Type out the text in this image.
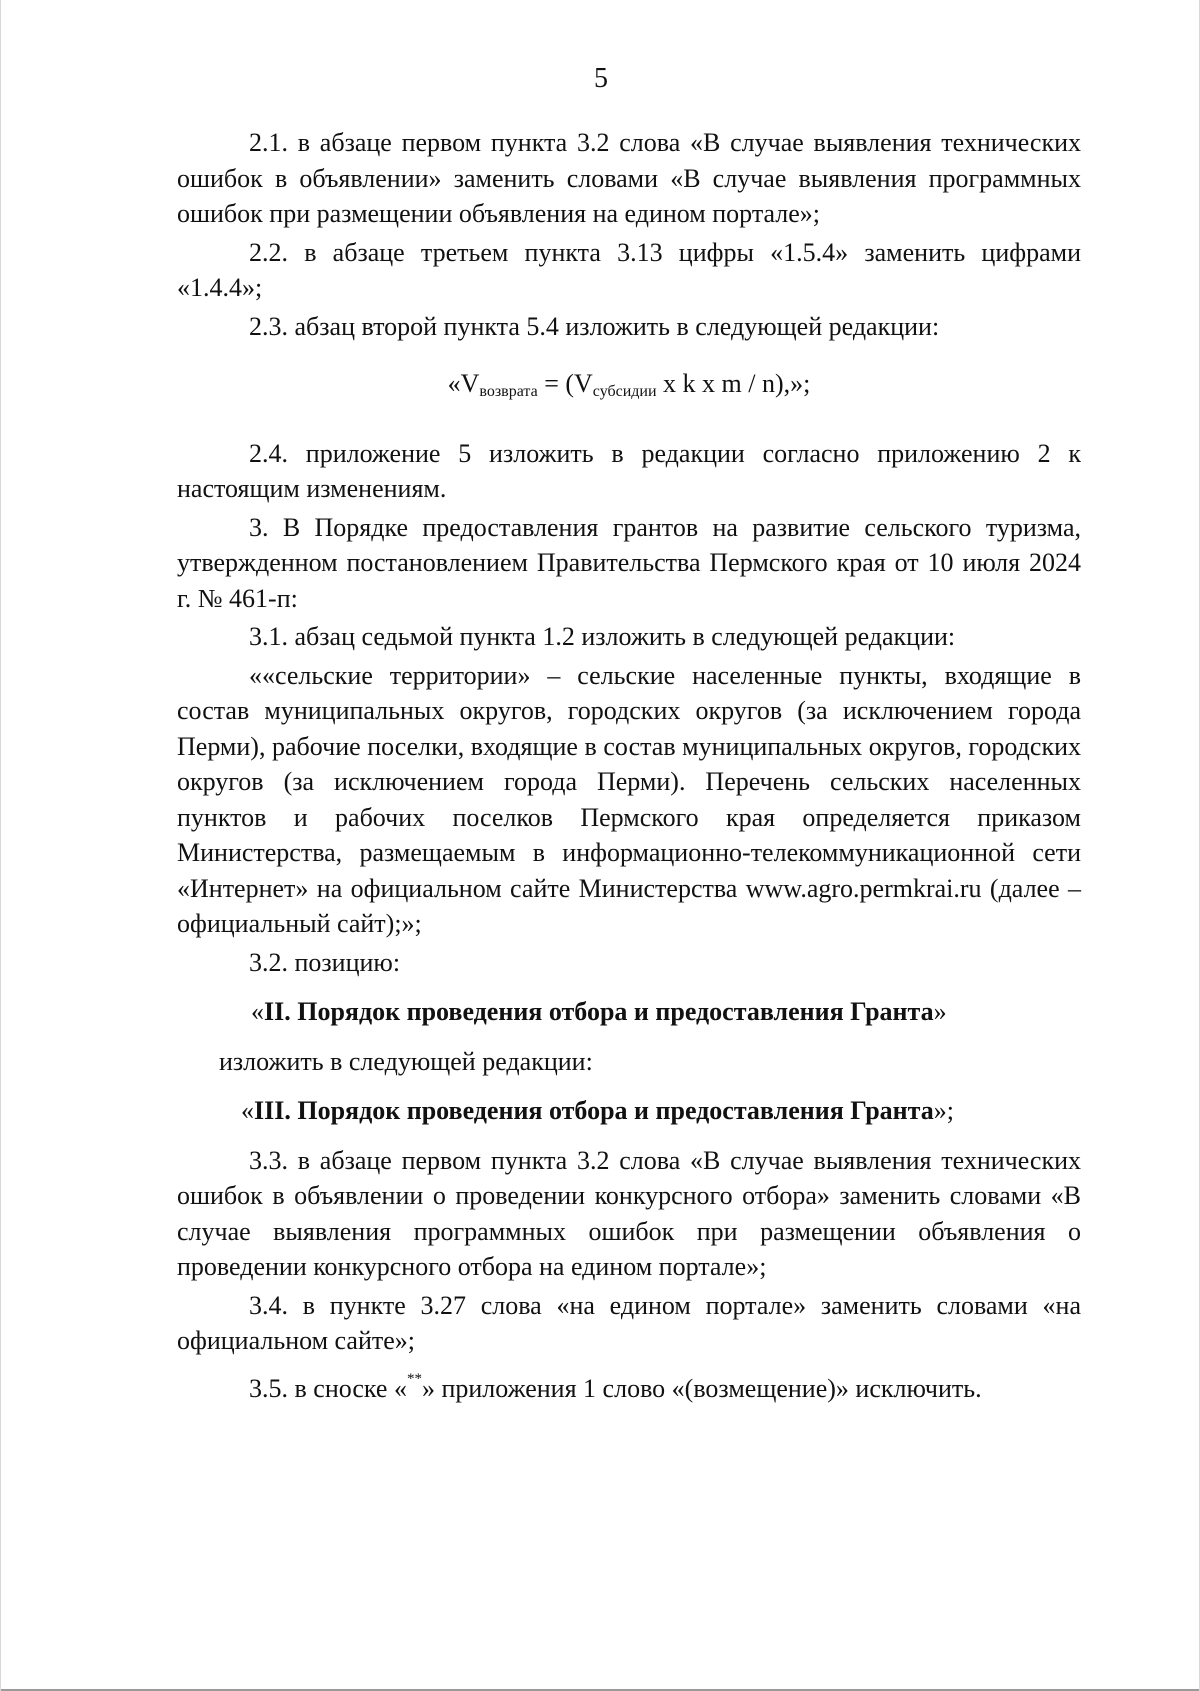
5

2.1. в абзаце первом пункта 3.2 слова «В случае выявления технических ошибок в объявлении» заменить словами «В случае выявления программных ошибок при размещении объявления на едином портале»;

2.2. в абзаце третьем пункта 3.13 цифры «1.5.4» заменить цифрами «1.4.4»;

2.3. абзац второй пункта 5.4 изложить в следующей редакции:

«$V_{возврата} = (V_{субсидии}$ x k x m / n),»;

2.4. приложение 5 изложить в редакции согласно приложению 2 к настоящим изменениям.

3. В Порядке предоставления грантов на развитие сельского туризма, утвержденном постановлением Правительства Пермского края от 10 июля 2024 г. № 461-п:

3.1. абзац седьмой пункта 1.2 изложить в следующей редакции:

««сельские территории» – сельские населенные пункты, входящие в состав муниципальных округов, городских округов (за исключением города Перми), рабочие поселки, входящие в состав муниципальных округов, городских округов (за исключением города Перми). Перечень сельских населенных пунктов и рабочих поселков Пермского края определяется приказом Министерства, размещаемым в информационно-телекоммуникационной сети «Интернет» на официальном сайте Министерства www.agro.permkrai.ru (далее – официальный сайт);»;

3.2. позицию:

«II. Порядок проведения отбора и предоставления Гранта»

изложить в следующей редакции:

«III. Порядок проведения отбора и предоставления Гранта»;

3.3. в абзаце первом пункта 3.2 слова «В случае выявления технических ошибок в объявлении о проведении конкурсного отбора» заменить словами «В случае выявления программных ошибок при размещении объявления о проведении конкурсного отбора на едином портале»;

3.4. в пункте 3.27 слова «на едином портале» заменить словами «на официальном сайте»;

3.5. в сноске «**» приложения 1 слово «(возмещение)» исключить.
